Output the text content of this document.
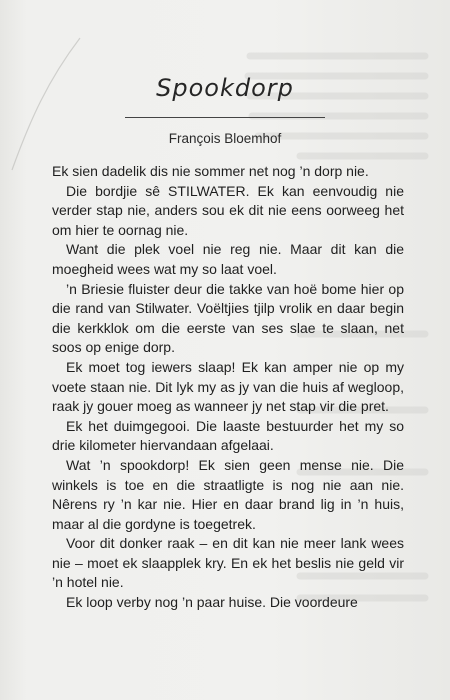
Spookdorp
François Bloemhof

Ek sien dadelik dis nie sommer net nog ’n dorp nie.

Die bordjie sê STILWATER. Ek kan eenvoudig nie verder stap nie, anders sou ek dit nie eens oorweeg het om hier te oornag nie.

Want die plek voel nie reg nie. Maar dit kan die moegheid wees wat my so laat voel.

’n Briesie fluister deur die takke van hoë bome hier op die rand van Stilwater. Voëltjies tjilp vrolik en daar begin die kerkklok om die eerste van ses slae te slaan, net soos op enige dorp.

Ek moet tog iewers slaap! Ek kan amper nie op my voete staan nie. Dit lyk my as jy van die huis af wegloop, raak jy gouer moeg as wanneer jy net stap vir die pret.

Ek het duimgegooi. Die laaste bestuurder het my so drie kilometer hiervandaan afgelaai.

Wat ’n spookdorp! Ek sien geen mense nie. Die winkels is toe en die straatligte is nog nie aan nie. Nêrens ry ’n kar nie. Hier en daar brand lig in ’n huis, maar al die gordyne is toegetrek.

Voor dit donker raak – en dit kan nie meer lank wees nie – moet ek slaapplek kry. En ek het beslis nie geld vir ’n hotel nie.

Ek loop verby nog ’n paar huise. Die voordeure
